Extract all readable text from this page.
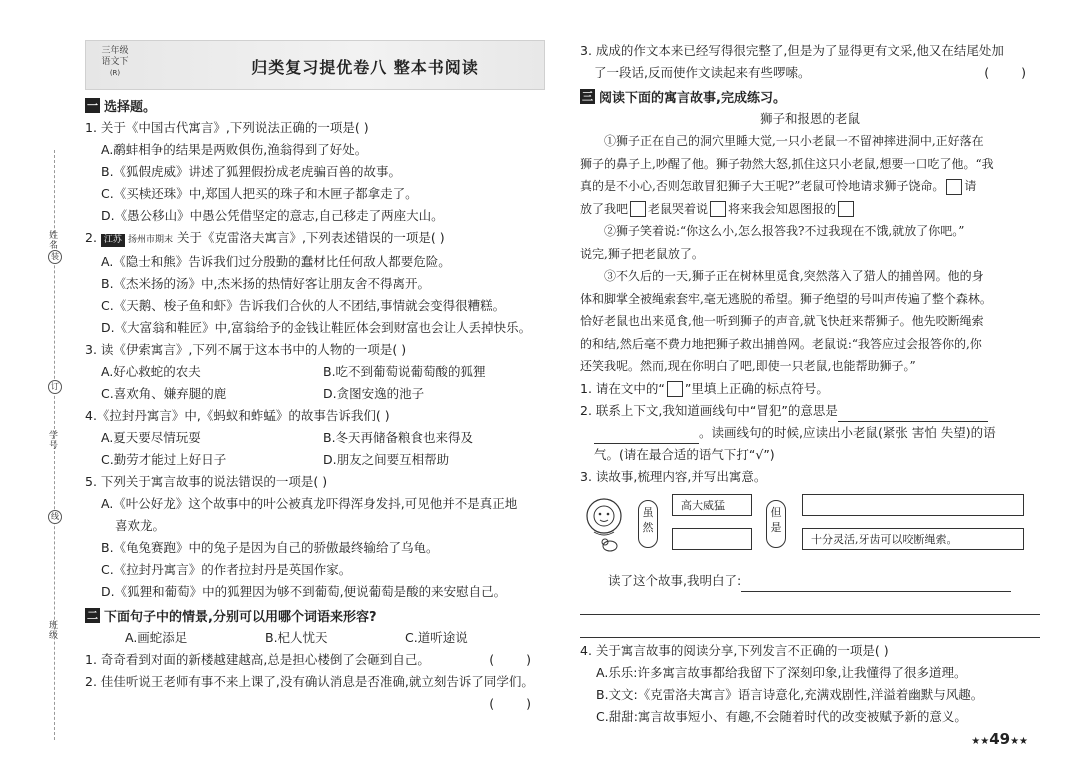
姓名
装
订
学号
线
班级
三年级
语文下
(R)	归类复习提优卷八 整本书阅读
一 选择题。
1. 关于《中国古代寓言》,下列说法正确的一项是( )
A.鹬蚌相争的结果是两败俱伤,渔翁得到了好处。
B.《狐假虎威》讲述了狐狸假扮成老虎骗百兽的故事。
C.《买椟还珠》中,郑国人把买的珠子和木匣子都拿走了。
D.《愚公移山》中愚公凭借坚定的意志,自己移走了两座大山。
2. 江苏 扬州市期末 关于《克雷洛夫寓言》,下列表述错误的一项是( )
A.《隐士和熊》告诉我们过分殷勤的蠢材比任何敌人都要危险。
B.《杰米扬的汤》中,杰米扬的热情好客让朋友舍不得离开。
C.《天鹅、梭子鱼和虾》告诉我们合伙的人不团结,事情就会变得很糟糕。
D.《大富翁和鞋匠》中,富翁给予的金钱让鞋匠体会到财富也会让人丢掉快乐。
3. 读《伊索寓言》,下列不属于这本书中的人物的一项是( )
A.好心救蛇的农夫	B.吃不到葡萄说葡萄酸的狐狸
C.喜欢角、嫌弃腿的鹿	D.贪图安逸的池子
4.《拉封丹寓言》中,《蚂蚁和蚱蜢》的故事告诉我们( )
A.夏天要尽情玩耍	B.冬天再储备粮食也来得及
C.勤劳才能过上好日子	D.朋友之间要互相帮助
5. 下列关于寓言故事的说法错误的一项是( )
A.《叶公好龙》这个故事中的叶公被真龙吓得浑身发抖,可见他并不是真正地
喜欢龙。
B.《龟兔赛跑》中的兔子是因为自己的骄傲最终输给了乌龟。
C.《拉封丹寓言》的作者拉封丹是英国作家。
D.《狐狸和葡萄》中的狐狸因为够不到葡萄,便说葡萄是酸的来安慰自己。
二 下面句子中的情景,分别可以用哪个词语来形容?
A.画蛇添足	B.杞人忧天	C.道听途说
1. 奇奇看到对面的新楼越建越高,总是担心楼倒了会砸到自己。	( )
2. 佳佳听说王老师有事不来上课了,没有确认消息是否准确,就立刻告诉了同学们。
( )
3. 成成的作文本来已经写得很完整了,但是为了显得更有文采,他又在结尾处加
了一段话,反而使作文读起来有些啰嗦。	( )
三 阅读下面的寓言故事,完成练习。
狮子和报恩的老鼠

①狮子正在自己的洞穴里睡大觉,一只小老鼠一不留神摔进洞中,正好落在

狮子的鼻子上,吵醒了他。狮子勃然大怒,抓住这只小老鼠,想要一口吃了他。“我

真的是不小心,否则怎敢冒犯狮子大王呢?”老鼠可怜地请求狮子饶命。 请

放了我吧 老鼠哭着说 将来我会知恩图报的

②狮子笑着说:“你这么小,怎么报答我?不过我现在不饿,就放了你吧。”

说完,狮子把老鼠放了。

③不久后的一天,狮子正在树林里觅食,突然落入了猎人的捕兽网。他的身

体和脚掌全被绳索套牢,毫无逃脱的希望。狮子绝望的号叫声传遍了整个森林。

恰好老鼠也出来觅食,他一听到狮子的声音,就飞快赶来帮狮子。他先咬断绳索

的和结,然后毫不费力地把狮子救出捕兽网。老鼠说:“我答应过会报答你的,你

还笑我呢。然而,现在你明白了吧,即使一只老鼠,也能帮助狮子。”

1. 请在文中的“ ”里填上正确的标点符号。
2. 联系上下文,我知道画线句中“冒犯”的意思是
。读画线句的时候,应读出小老鼠(紧张 害怕 失望)的语
气。(请在最合适的语气下打“√”)
3. 读故事,梳理内容,并写出寓意。
虽然
高大威猛
但是
十分灵活,牙齿可以咬断绳索。
读了这个故事,我明白了:
4. 关于寓言故事的阅读分享,下列发言不正确的一项是( )
A.乐乐:许多寓言故事都给我留下了深刻印象,让我懂得了很多道理。
B.文文:《克雷洛夫寓言》语言诗意化,充满戏剧性,洋溢着幽默与风趣。
C.甜甜:寓言故事短小、有趣,不会随着时代的改变被赋予新的意义。
★★49★★
